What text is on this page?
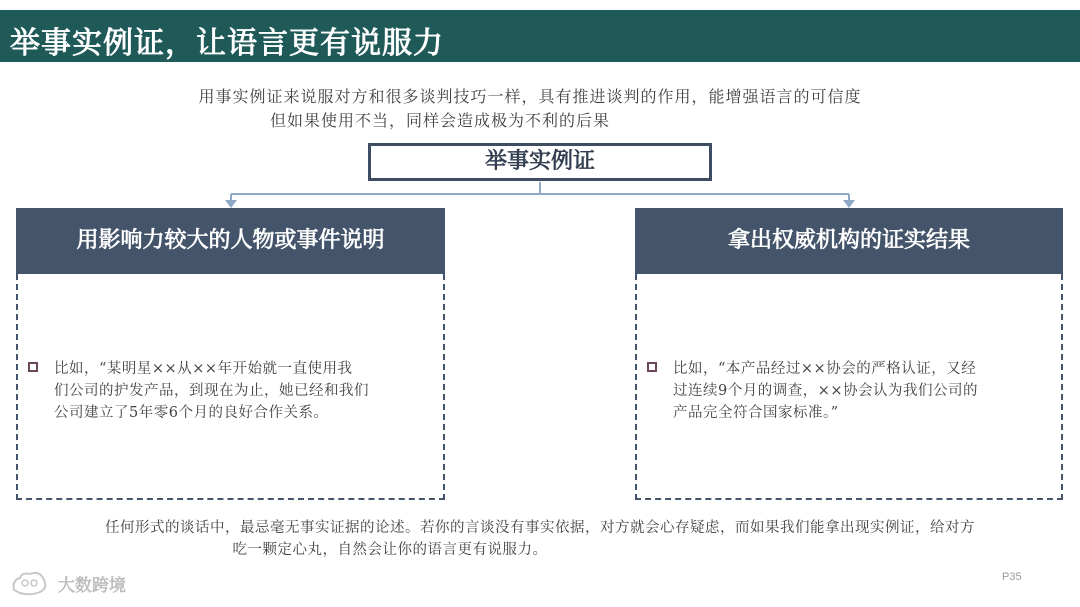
举事实例证，让语言更有说服力
用事实例证来说服对方和很多谈判技巧一样，具有推进谈判的作用，能增强语言的可信度
但如果使用不当，同样会造成极为不利的后果
举事实例证
用影响力较大的人物或事件说明
比如，“某明星××从××年开始就一直使用我
们公司的护发产品，到现在为止，她已经和我们
公司建立了5年零6个月的良好合作关系。
拿出权威机构的证实结果
比如，“本产品经过××协会的严格认证，又经
过连续9个月的调查，××协会认为我们公司的
产品完全符合国家标准。”
任何形式的谈话中，最忌毫无事实证据的论述。若你的言谈没有事实依据，对方就会心存疑虑，而如果我们能拿出现实例证，给对方
吃一颗定心丸，自然会让你的语言更有说服力。
大数跨境	P35
